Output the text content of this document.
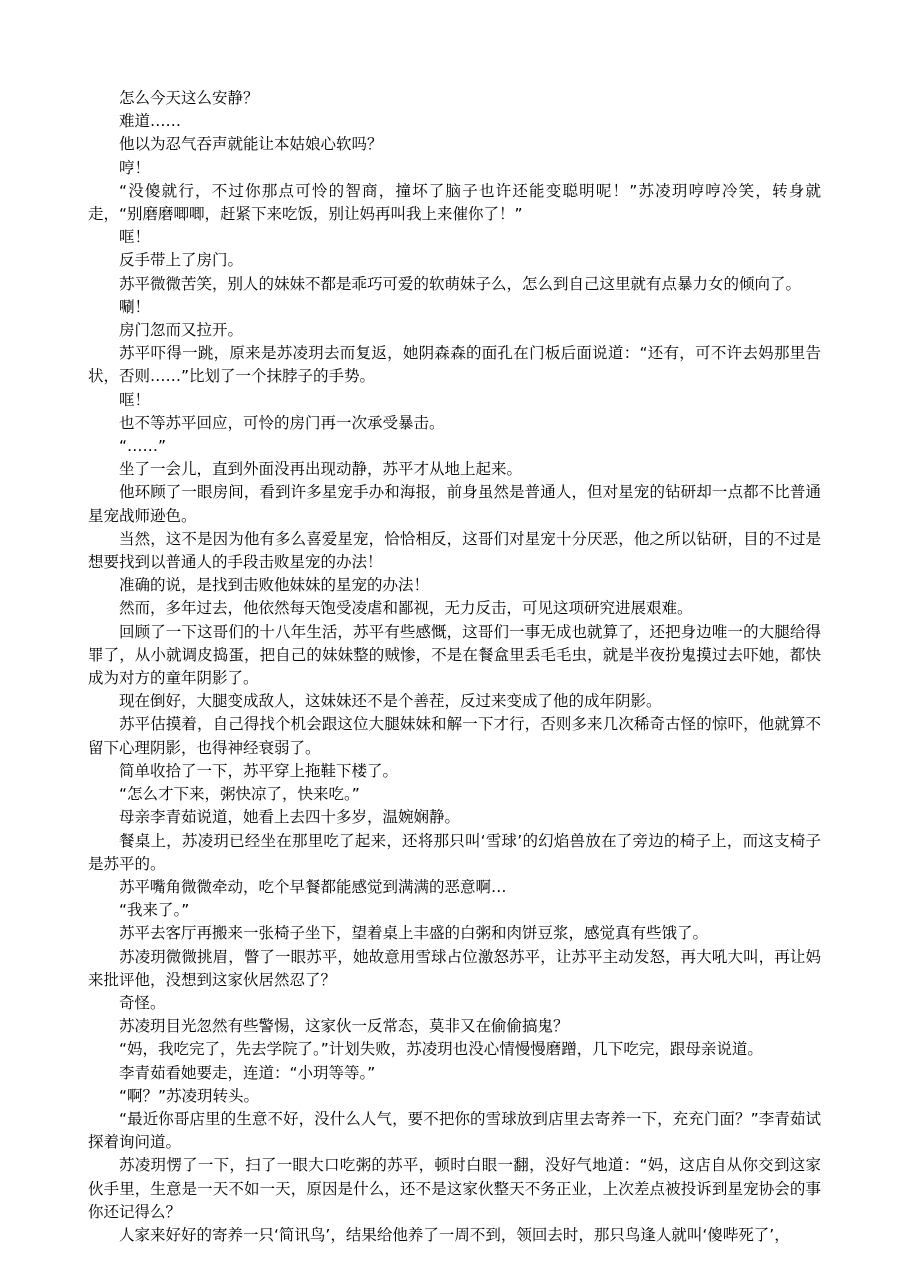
怎么今天这么安静？

难道……

他以为忍气吞声就能让本姑娘心软吗？

哼！

“没傻就行，不过你那点可怜的智商，撞坏了脑子也许还能变聪明呢！”苏凌玥哼哼冷笑，转身就走，“别磨磨唧唧，赶紧下来吃饭，别让妈再叫我上来催你了！”

哐！

反手带上了房门。

苏平微微苦笑，别人的妹妹不都是乖巧可爱的软萌妹子么，怎么到自己这里就有点暴力女的倾向了。

唰！

房门忽而又拉开。

苏平吓得一跳，原来是苏凌玥去而复返，她阴森森的面孔在门板后面说道：“还有，可不许去妈那里告状，否则……”比划了一个抹脖子的手势。

哐！

也不等苏平回应，可怜的房门再一次承受暴击。

“……”

坐了一会儿，直到外面没再出现动静，苏平才从地上起来。

他环顾了一眼房间，看到许多星宠手办和海报，前身虽然是普通人，但对星宠的钻研却一点都不比普通星宠战师逊色。

当然，这不是因为他有多么喜爱星宠，恰恰相反，这哥们对星宠十分厌恶，他之所以钻研，目的不过是想要找到以普通人的手段击败星宠的办法！

准确的说，是找到击败他妹妹的星宠的办法！

然而，多年过去，他依然每天饱受凌虐和鄙视，无力反击，可见这项研究进展艰难。

回顾了一下这哥们的十八年生活，苏平有些感慨，这哥们一事无成也就算了，还把身边唯一的大腿给得罪了，从小就调皮捣蛋，把自己的妹妹整的贼惨，不是在餐盒里丢毛毛虫，就是半夜扮鬼摸过去吓她，都快成为对方的童年阴影了。

现在倒好，大腿变成敌人，这妹妹还不是个善茬，反过来变成了他的成年阴影。

苏平估摸着，自己得找个机会跟这位大腿妹妹和解一下才行，否则多来几次稀奇古怪的惊吓，他就算不留下心理阴影，也得神经衰弱了。

简单收拾了一下，苏平穿上拖鞋下楼了。

“怎么才下来，粥快凉了，快来吃。”

母亲李青茹说道，她看上去四十多岁，温婉娴静。

餐桌上，苏凌玥已经坐在那里吃了起来，还将那只叫‘雪球’的幻焰兽放在了旁边的椅子上，而这支椅子是苏平的。

苏平嘴角微微牵动，吃个早餐都能感觉到满满的恶意啊…

“我来了。”

苏平去客厅再搬来一张椅子坐下，望着桌上丰盛的白粥和肉饼豆浆，感觉真有些饿了。

苏凌玥微微挑眉，瞥了一眼苏平，她故意用雪球占位激怒苏平，让苏平主动发怒，再大吼大叫，再让妈来批评他，没想到这家伙居然忍了？

奇怪。

苏凌玥目光忽然有些警惕，这家伙一反常态，莫非又在偷偷搞鬼？

“妈，我吃完了，先去学院了。”计划失败，苏凌玥也没心情慢慢磨蹭，几下吃完，跟母亲说道。

李青茹看她要走，连道：“小玥等等。”

“啊？”苏凌玥转头。

“最近你哥店里的生意不好，没什么人气，要不把你的雪球放到店里去寄养一下，充充门面？”李青茹试探着询问道。

苏凌玥愣了一下，扫了一眼大口吃粥的苏平，顿时白眼一翻，没好气地道：“妈，这店自从你交到这家伙手里，生意是一天不如一天，原因是什么，还不是这家伙整天不务正业，上次差点被投诉到星宠协会的事你还记得么？

人家来好好的寄养一只‘简讯鸟’，结果给他养了一周不到，领回去时，那只鸟逢人就叫‘傻哔死了’，
